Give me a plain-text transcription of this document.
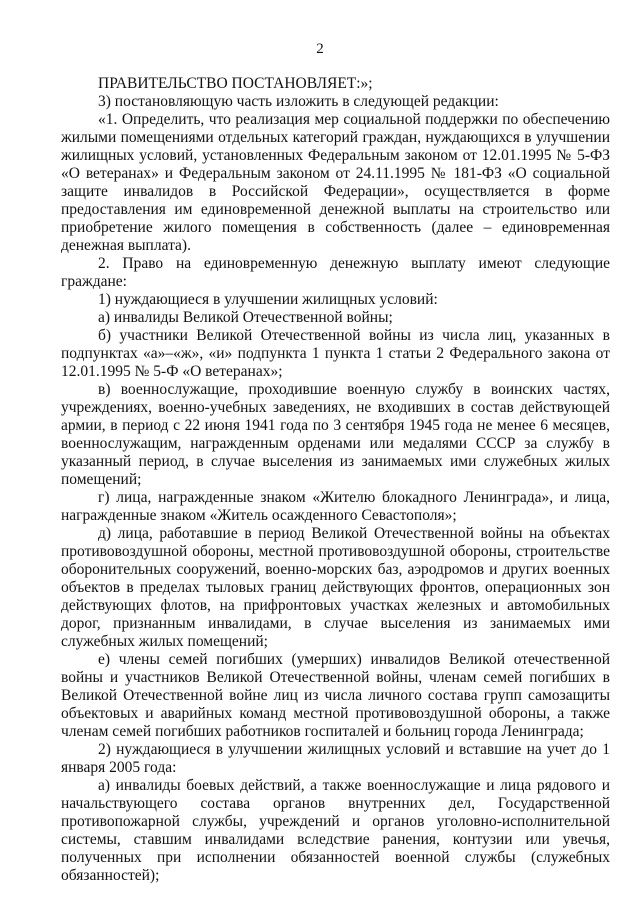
2

ПРАВИТЕЛЬСТВО ПОСТАНОВЛЯЕТ:»;

3) постановляющую часть изложить в следующей редакции:

«1. Определить, что реализация мер социальной поддержки по обеспечению жилыми помещениями отдельных категорий граждан, нуждающихся в улучшении жилищных условий, установленных Федеральным законом от 12.01.1995 № 5-ФЗ «О ветеранах» и Федеральным законом от 24.11.1995 № 181-ФЗ «О социальной защите инвалидов в Российской Федерации», осуществляется в форме предоставления им единовременной денежной выплаты на строительство или приобретение жилого помещения в собственность (далее – единовременная денежная выплата).

2. Право на единовременную денежную выплату имеют следующие граждане:

1) нуждающиеся в улучшении жилищных условий:

а) инвалиды Великой Отечественной войны;

б) участники Великой Отечественной войны из числа лиц, указанных в подпунктах «а»–«ж», «и» подпункта 1 пункта 1 статьи 2 Федерального закона от 12.01.1995 № 5-Ф «О ветеранах»;

в) военнослужащие, проходившие военную службу в воинских частях, учреждениях, военно-учебных заведениях, не входивших в состав действующей армии, в период с 22 июня 1941 года по 3 сентября 1945 года не менее 6 месяцев, военнослужащим, награжденным орденами или медалями СССР за службу в указанный период, в случае выселения из занимаемых ими служебных жилых помещений;

г) лица, награжденные знаком «Жителю блокадного Ленинграда», и лица, награжденные знаком «Житель осажденного Севастополя»;

д) лица, работавшие в период Великой Отечественной войны на объектах противовоздушной обороны, местной противовоздушной обороны, строительстве оборонительных сооружений, военно-морских баз, аэродромов и других военных объектов в пределах тыловых границ действующих фронтов, операционных зон действующих флотов, на прифронтовых участках железных и автомобильных дорог, признанным инвалидами, в случае выселения из занимаемых ими служебных жилых помещений;

е) члены семей погибших (умерших) инвалидов Великой отечественной войны и участников Великой Отечественной войны, членам семей погибших в Великой Отечественной войне лиц из числа личного состава групп самозащиты объектовых и аварийных команд местной противовоздушной обороны, а также членам семей погибших работников госпиталей и больниц города Ленинграда;

2) нуждающиеся в улучшении жилищных условий и вставшие на учет до 1 января 2005 года:

а) инвалиды боевых действий, а также военнослужащие и лица рядового и начальствующего состава органов внутренних дел, Государственной противопожарной службы, учреждений и органов уголовно-исполнительной системы, ставшим инвалидами вследствие ранения, контузии или увечья, полученных при исполнении обязанностей военной службы (служебных обязанностей);
